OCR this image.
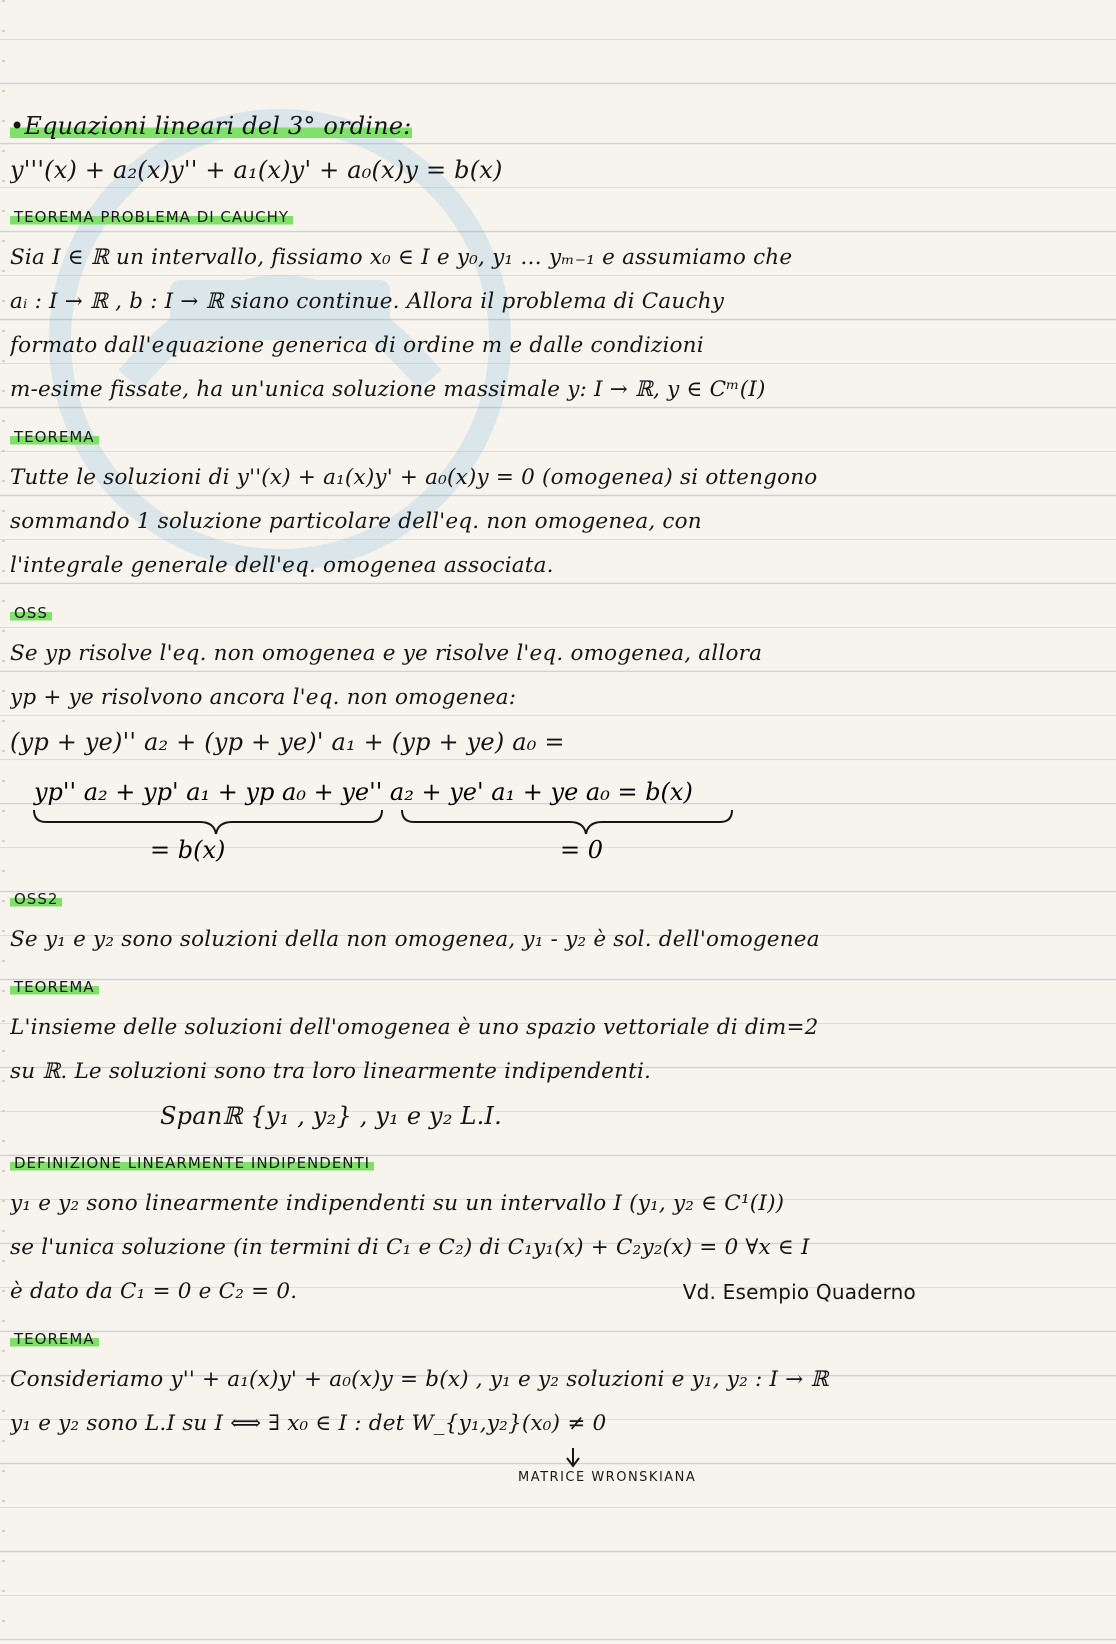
•Equazioni lineari del 3° ordine:
y'''(x) + a₂(x)y'' + a₁(x)y' + a₀(x)y = b(x)
TEOREMA PROBLEMA DI CAUCHY
Sia I ∈ ℝ un intervallo, fissiamo x₀ ∈ I e y₀, y₁ … yₘ₋₁ e assumiamo che
aᵢ : I → ℝ , b : I → ℝ siano continue. Allora il problema di Cauchy
formato dall'equazione generica di ordine m e dalle condizioni
m-esime fissate, ha un'unica soluzione massimale y: I → ℝ, y ∈ Cᵐ(I)
TEOREMA
Tutte le soluzioni di y''(x) + a₁(x)y' + a₀(x)y = 0 (omogenea) si ottengono
sommando 1 soluzione particolare dell'eq. non omogenea, con
l'integrale generale dell'eq. omogenea associata.
OSS
Se yp risolve l'eq. non omogenea e ye risolve l'eq. omogenea, allora
yp + ye risolvono ancora l'eq. non omogenea:
(yp + ye)'' a₂ + (yp + ye)' a₁ + (yp + ye) a₀ =
yp'' a₂ + yp' a₁ + yp a₀ + ye'' a₂ + ye' a₁ + ye a₀ = b(x)
= b(x)	= 0
OSS2
Se y₁ e y₂ sono soluzioni della non omogenea, y₁ - y₂ è sol. dell'omogenea
TEOREMA
L'insieme delle soluzioni dell'omogenea è uno spazio vettoriale di dim=2
su ℝ. Le soluzioni sono tra loro linearmente indipendenti.
Spanℝ {y₁ , y₂} , y₁ e y₂ L.I.
DEFINIZIONE LINEARMENTE INDIPENDENTI
y₁ e y₂ sono linearmente indipendenti su un intervallo I (y₁, y₂ ∈ C¹(I))
se l'unica soluzione (in termini di C₁ e C₂) di C₁y₁(x) + C₂y₂(x) = 0 ∀x ∈ I
è dato da C₁ = 0 e C₂ = 0.	Vd. Esempio Quaderno
TEOREMA
Consideriamo y'' + a₁(x)y' + a₀(x)y = b(x) , y₁ e y₂ soluzioni e y₁, y₂ : I → ℝ
y₁ e y₂ sono L.I su I ⟺ ∃ x₀ ∈ I : det W_{y₁,y₂}(x₀) ≠ 0
MATRICE WRONSKIANA
